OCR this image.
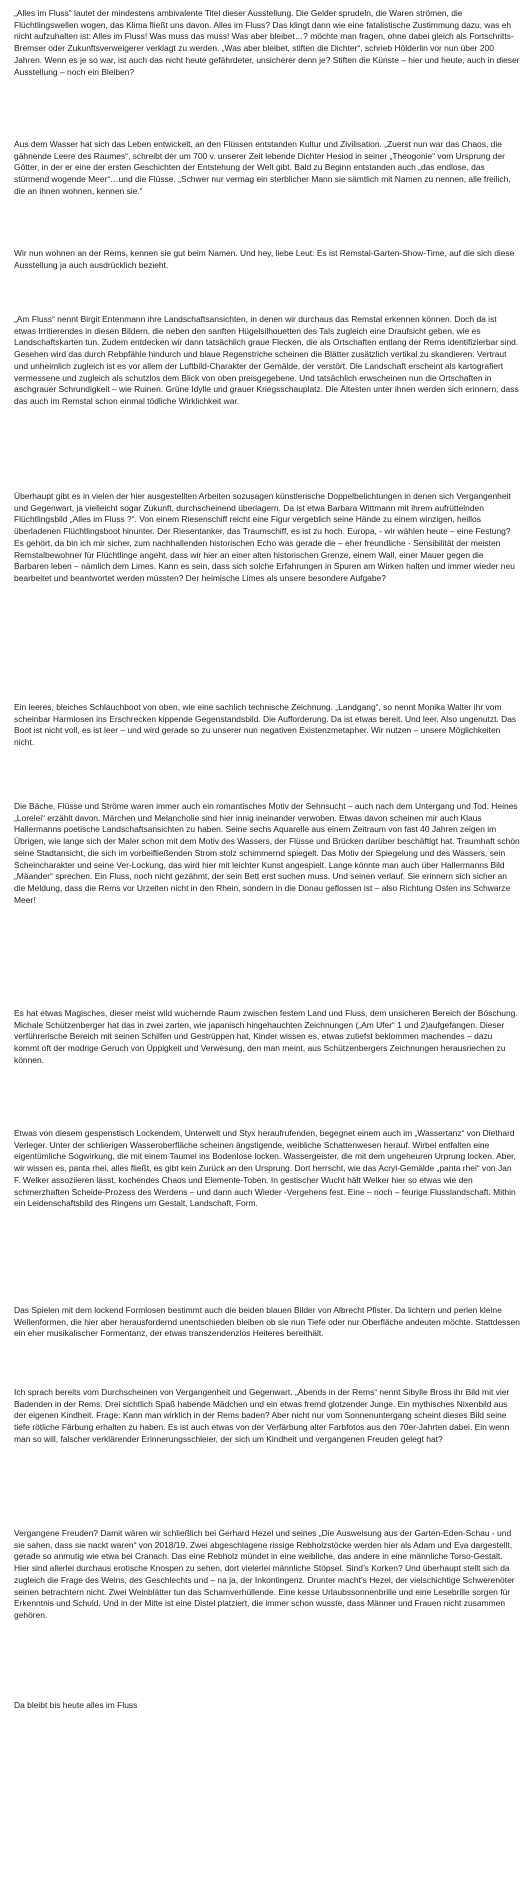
„Alles im Fluss“ lautet der mindestens ambivalente Titel dieser Ausstellung. Die Gelder sprudeln, die Waren strömen, die Flüchtlingswellen wogen, das Klima fließt uns davon. Alles im Fluss? Das klingt dann wie eine fatalistische Zustimmung dazu, was eh nicht aufzuhalten ist: Alles im Fluss! Was muss das muss! Was aber bleibet…? möchte man fragen, ohne dabei gleich als Fortschritts-Bremser oder Zukunftsverweigerer verklagt zu werden. „Was aber bleibet, stiften die Dichter“, schrieb Hölderlin vor nun über 200 Jahren. Wenn es je so war, ist auch das nicht heute gefährdeter, unsicherer denn je? Stiften die Künste – hier und heute, auch in dieser Ausstellung – noch ein Bleiben?

Aus dem Wasser hat sich das Leben entwickelt, an den Flüssen entstanden Kultur und Zivilisation. „Zuerst nun war das Chaos, die gähnende Leere des Raumes“, schreibt der um 700 v. unserer Zeit lebende Dichter Hesiod in seiner „Theogonie“ vom Ursprung der Götter, in der er eine der ersten Geschichten der Entstehung der Welt gibt. Bald zu Beginn entstanden auch „das endlose, das stürmend wogende Meer“…und die Flüsse. „Schwer nur vermag ein sterblicher Mann sie sämtlich mit Namen zu nennen, alle freilich, die an ihnen wohnen, kennen sie.“

Wir nun wohnen an der Rems, kennen sie gut beim Namen. Und hey, liebe Leut: Es ist Remstal-Garten-Show-Time, auf die sich diese Ausstellung ja auch ausdrücklich bezieht.

„Am Fluss“ nennt Birgit Entenmann ihre Landschaftsansichten, in denen wir durchaus das Remstal erkennen können. Doch da ist etwas Irritierendes in diesen Bildern, die neben den sanften Hügelsilhouetten des Tals zugleich eine Draufsicht geben, wie es Landschaftskarten tun. Zudem entdecken wir dann tatsächlich graue Flecken, die als Ortschaften entlang der Rems identifizierbar sind. Gesehen wird das durch Rebpfähle hindurch und blaue Regenstriche scheinen die Blätter zusätzlich vertikal zu skandieren. Vertraut und unheimlich zugleich ist es vor allem der Luftbild-Charakter der Gemälde, der verstört. Die Landschaft erscheint als kartografiert vermessene und zugleich als schutzlos dem Blick von oben preisgegebene. Und tatsächlich erwscheinen nun die Ortschaften in aschgrauer Schrundigkeit – wie Ruinen. Grüne Idylle und grauer Kriegsschauplatz. Die Ältesten unter ihnen werden sich erinnern, dass das auch im Remstal schon einmal tödliche Wirklichkeit war.

Überhaupt gibt es in vielen der hier ausgestellten Arbeiten sozusagen künstlerische Doppelbelichtungen in denen sich Vergangenheit und Gegenwart, ja vielleicht sogar Zukunft, durchscheinend überlagern. Da ist etwa Barbara Wittmann mit ihrem aufrüttelnden Flüchtlingsbild „Alles im Fluss ?“. Von einem Riesenschiff reicht eine Figur vergeblich seine Hände zu einem winzigen, heillos überladenen Flüchtlingsboot hinunter. Der Riesentanker, das Traumschiff, es ist zu hoch. Europa, - wir wählen heute – eine Festung? Es gehört, da bin ich mir sicher, zum nachhallenden historischen Echo was gerade die – eher freundliche - Sensibilität der meisten Remstalbewohner für Flüchtlinge angeht, dass wir hier an einer alten historischen Grenze, einem Wall, einer Mauer gegen die Barbaren leben – nämlich dem Limes. Kann es sein, dass sich solche Erfahrungen in Spuren am Wirken halten und immer wieder neu bearbeitet und beantwortet werden müssten? Der heimische Limes als unsere besondere Aufgabe?

Ein leeres, bleiches Schlauchboot von oben, wie eine sachlich technische Zeichnung. „Landgang“, so nennt Monika Walter ihr vom scheinbar Harmlosen ins Erschrecken kippende Gegenstandsbild. Die Aufforderung. Da ist etwas bereit. Und leer. Also ungenutzt. Das Boot ist nicht voll, es ist leer – und wird gerade so zu unserer nun negativen Existenzmetapher. Wir nutzen – unsere Möglichkeiten nicht.

Die Bäche, Flüsse und Ströme waren immer auch ein romantisches Motiv der Sehnsucht – auch nach dem Untergang und Tod. Heines „Lorelei“ erzählt davon. Märchen und Melancholie sind hier innig ineinander verwoben. Etwas davon scheinen mir auch Klaus Hallermanns poetische Landschaftsansichten zu haben. Seine sechs Aquarelle aus einem Zeitraum von fast 40 Jahren zeigen im Übrigen, wie lange sich der Maler schon mit dem Motiv des Wassers, der Flüsse und Brücken darüber beschäftigt hat. Traumhaft schön seine Stadtansicht, die sich im vorbeifließenden Strom stolz schimmernd spiegelt. Das Motiv der Spiegelung und des Wassers, sein Scheincharakter und seine Ver-Lockung, das wird hier mit leichter Kunst angespielt. Lange könnte man auch über Hallermanns Bild „Mäander“ sprechen. Ein Fluss, noch nicht gezähmt, der sein Bett erst suchen muss. Und seinen verlauf. Sie erinnern sich sicher an die Meldung, dass die Rems vor Urzeiten nicht in den Rhein, sondern in die Donau geflossen ist – also Richtung Osten ins Schwarze Meer!

Es hat etwas Magisches, dieser meist wild wuchernde Raum zwischen festem Land und Fluss, dem unsicheren Bereich der Böschung. Michale Schützenberger hat das in zwei zarten, wie japanisch hingehauchten Zeichnungen („Am Ufer“ 1 und 2)aufgefangen. Dieser verführerische Bereich mit seinen Schilfen und Gestrüppen hat, Kinder wissen es, etwas zutiefst beklommen machendes – dazu kommt oft der modrige Geruch von Üppigkeit und Verwesung, den man meint, aus Schützenbergers Zeichnungen herausriechen zu können.

Etwas von diesem gespenstisch Lockendem, Unterwelt und Styx heraufrufenden, begegnet einem auch im „Wassertanz“ von Diethard Verleger. Unter der schlierigen Wasseroberfläche scheinen ängstigende, weibliche Schattenwesen herauf. Wirbel entfalten eine eigentümliche Sogwirkung, die mit einem Taumel ins Bodenlose locken. Wassergeister, die mit dem ungeheuren Urprung locken. Aber, wir wissen es, panta rhei, alles fließt, es gibt kein Zurück an den Ursprung. Dort herrscht, wie das Acryl-Gemälde „panta rhei“ von Jan F. Welker assoziieren lässt, kochendes Chaos und Elemente-Toben. In gestischer Wucht hält Welker hier so etwas wie den schmerzhaften Scheide-Prozess des Werdens – und dann auch Wieder -Vergehens fest. Eine – noch – feurige Flusslandschaft. Mithin ein Leidenschaftsbild des Ringens um Gestalt, Landschaft, Form.

Das Spielen mit dem lockend Formlosen bestimmt auch die beiden blauen Bilder von Albrecht Pfister. Da lichtern und perlen kleine Wellenformen, die hier aber herausfordernd unentschieden bleiben ob sie nun Tiefe oder nur Oberfläche andeuten möchte. Stattdessen ein eher musikalischer Formentanz, der etwas transzendenzlos Heiteres bereithält.

Ich sprach bereits vom Durchscheinen von Vergangenheit und Gegenwart. „Abends in der Rems“ nennt Sibylle Bross ihr Bild mit vier Badenden in der Rems. Drei sichtlich Spaß habende Mädchen und ein etwas fremd glotzender Junge. Ein mythisches Nixenbild aus der eigenen Kindheit. Frage: Kann man wirklich in der Rems baden? Aber nicht nur vom Sonnenuntergang scheint dieses Bild seine tiefe rötliche Färbung erhalten zu haben. Es ist auch etwas von der Verfärbung alter Farbfotos aus den 70er-Jahrten dabei. Ein wenn man so will, falscher verklärender Erinnerungsschleier, der sich um Kindheit und vergangenen Freuden gelegt hat?

Vergangene Freuden? Damit wären wir schließlich bei Gerhard Hezel und seines „Die Ausweisung aus der Garten-Eden-Schau - und sie sahen, dass sie nackt waren“ von 2018/19. Zwei abgeschlagene rissige Rebholzstöcke werden hier als Adam und Eva dargestellt, gerade so anmutig wie etwa bei Cranach. Das eine Rebholz mündet in eine weibliche, das andere in eine männliche Torso-Gestalt. Hier sind allerlei durchaus erotische Knospen zu sehen, dort vielerlei männliche Stöpsel. Sind’s Korken? Und überhaupt stellt sich da zugleich die Frage des Weins, des Geschlechts und – na ja, der Inkontingenz. Drunter macht’s Hezel, der vielschichtige Schwerenöter seinen betrachtern nicht. Zwei Weinblätter tun das Schamverhüllende. Eine kesse Urlaubssonnenbrille und eine Lesebrille sorgen für Erkenntnis und Schuld. Und in der Mitte ist eine Distel platziert, die immer schon wusste, dass Männer und Frauen nicht zusammen gehören.

Da bleibt bis heute alles im Fluss
